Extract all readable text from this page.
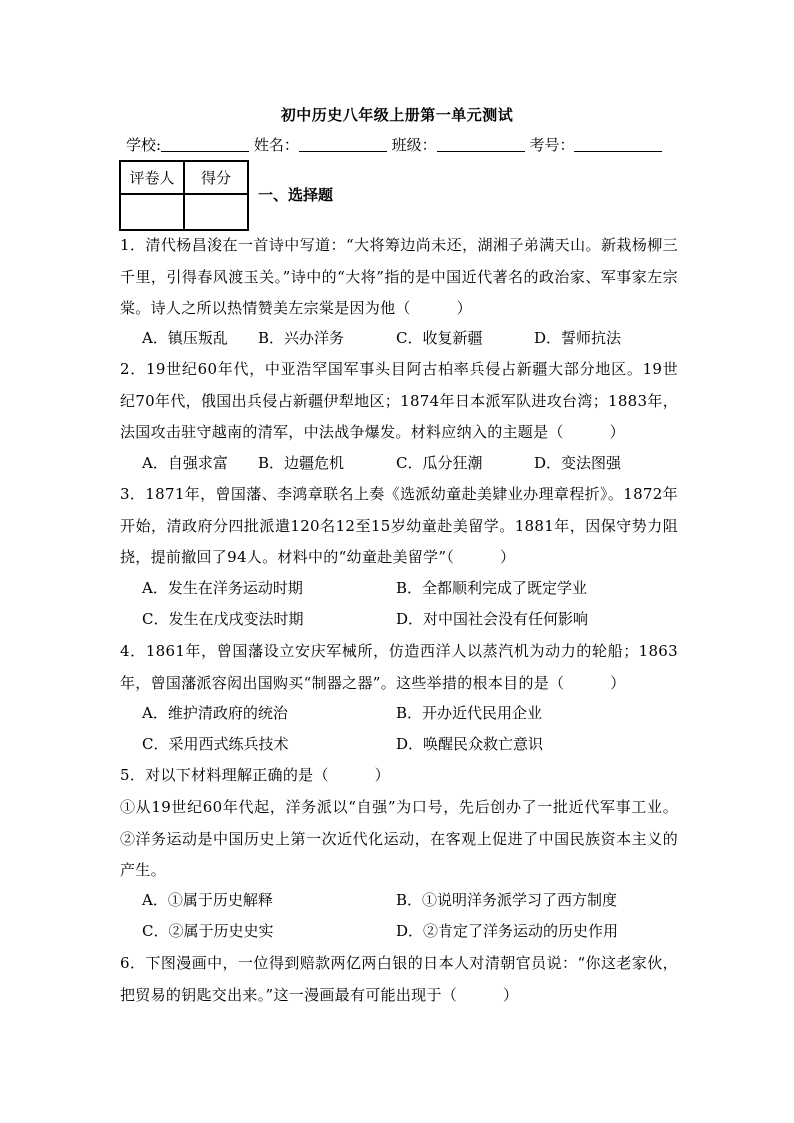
初中历史八年级上册第一单元测试
学校:	姓名：	班级：	考号：
评卷人	得分

一、选择题
1．清代杨昌浚在一首诗中写道：“大将筹边尚未还，湖湘子弟满天山。新栽杨柳三千里，引得春风渡玉关。”诗中的“大将”指的是中国近代著名的政治家、军事家左宗棠。诗人之所以热情赞美左宗棠是因为他（　　　）
A．镇压叛乱 B．兴办洋务	C．收复新疆	D．誓师抗法
2．19世纪60年代，中亚浩罕国军事头目阿古柏率兵侵占新疆大部分地区。19世纪70年代，俄国出兵侵占新疆伊犁地区；1874年日本派军队进攻台湾；1883年，法国攻击驻守越南的清军，中法战争爆发。材料应纳入的主题是（　　　）
A．自强求富 B．边疆危机	C．瓜分狂潮	D．变法图强
3．1871年，曾国藩、李鸿章联名上奏《选派幼童赴美肄业办理章程折》。1872年开始，清政府分四批派遣120名12至15岁幼童赴美留学。1881年，因保守势力阻挠，提前撤回了94人。材料中的“幼童赴美留学”（　　　）
A．发生在洋务运动时期	B．全都顺利完成了既定学业
C．发生在戊戌变法时期	D．对中国社会没有任何影响
4．1861年，曾国藩设立安庆军械所，仿造西洋人以蒸汽机为动力的轮船；1863年，曾国藩派容闳出国购买“制器之器”。这些举措的根本目的是（　　　）
A．维护清政府的统治	B．开办近代民用企业
C．采用西式练兵技术	D．唤醒民众救亡意识
5．对以下材料理解正确的是（　　　）
①从19世纪60年代起，洋务派以“自强”为口号，先后创办了一批近代军事工业。②洋务运动是中国历史上第一次近代化运动，在客观上促进了中国民族资本主义的产生。
A．①属于历史解释	B．①说明洋务派学习了西方制度
C．②属于历史史实	D．②肯定了洋务运动的历史作用
6．下图漫画中，一位得到赔款两亿两白银的日本人对清朝官员说：“你这老家伙，把贸易的钥匙交出来。”这一漫画最有可能出现于（　　　）
